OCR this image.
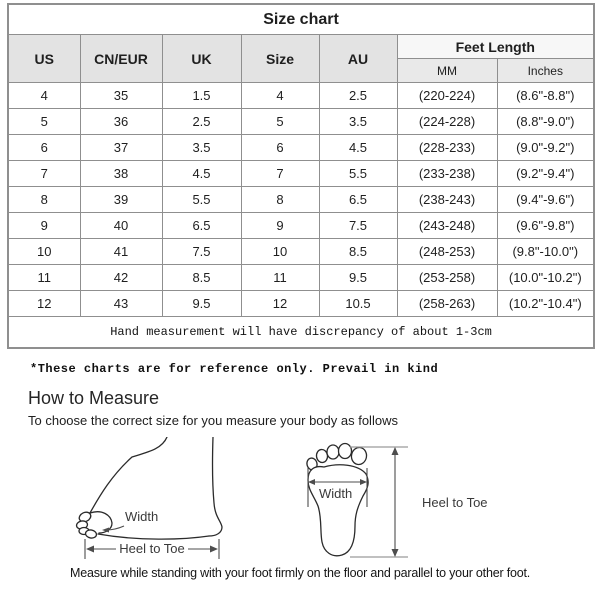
Size chart						
US	CN/EUR	UK	Size	AU	Feet Length	
					MM	Inches
4	35	1.5	4	2.5	(220-224)	(8.6"-8.8")
5	36	2.5	5	3.5	(224-228)	(8.8"-9.0")
6	37	3.5	6	4.5	(228-233)	(9.0"-9.2")
7	38	4.5	7	5.5	(233-238)	(9.2"-9.4")
8	39	5.5	8	6.5	(238-243)	(9.4"-9.6")
9	40	6.5	9	7.5	(243-248)	(9.6"-9.8")
10	41	7.5	10	8.5	(248-253)	(9.8"-10.0")
11	42	8.5	11	9.5	(253-258)	(10.0"-10.2")
12	43	9.5	12	10.5	(258-263)	(10.2"-10.4")
Hand measurement will have discrepancy of about 1-3cm						
*These charts are for reference only. Prevail in kind
How to Measure
To choose the correct size for you measure your body as follows
Width
Heel to Toe
Width
Heel to Toe
Measure while standing with your foot firmly on the floor and parallel to your other foot.
